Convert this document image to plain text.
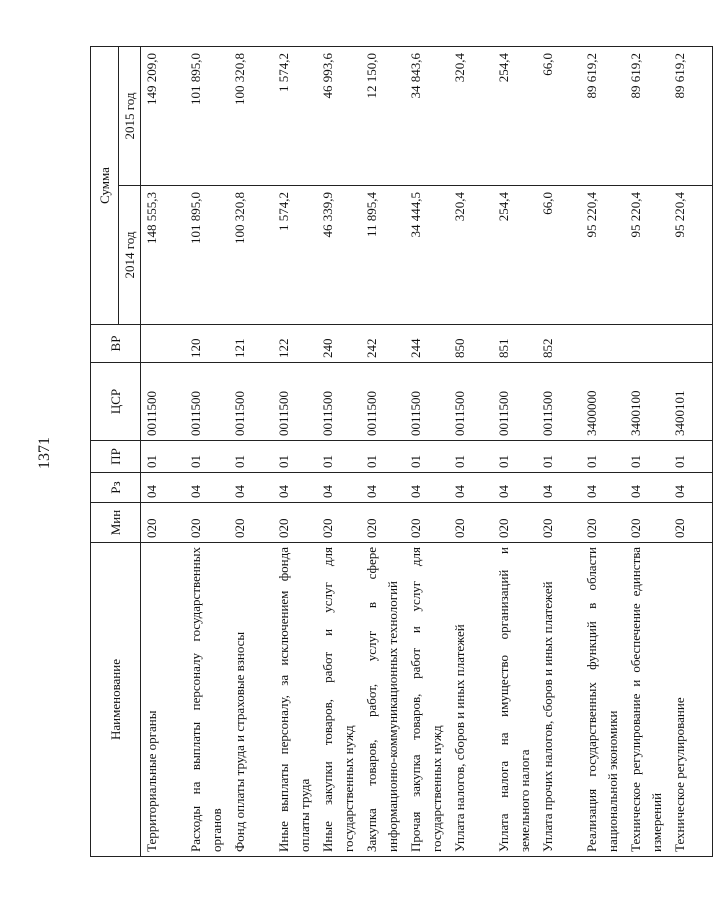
1371
Наименование	Мин	Рз	ПР	ЦСР	ВР	Сумма	
						2014 год	2015 год
Территориальные органы	020	04	01	0011500		148 555,3	149 209,0
Расходы на выплаты персоналу государственных органов	020	04	01	0011500	120	101 895,0	101 895,0
Фонд оплаты труда и страховые взносы	020	04	01	0011500	121	100 320,8	100 320,8
Иные выплаты персоналу, за исключением фонда оплаты труда	020	04	01	0011500	122	1 574,2	1 574,2
Иные закупки товаров, работ и услуг для государственных нужд	020	04	01	0011500	240	46 339,9	46 993,6
Закупка товаров, работ, услуг в сфере информационно-коммуникационных технологий	020	04	01	0011500	242	11 895,4	12 150,0
Прочая закупка товаров, работ и услуг для государственных нужд	020	04	01	0011500	244	34 444,5	34 843,6
Уплата налогов, сборов и иных платежей	020	04	01	0011500	850	320,4	320,4
Уплата налога на имущество организаций и земельного налога	020	04	01	0011500	851	254,4	254,4
Уплата прочих налогов, сборов и иных платежей	020	04	01	0011500	852	66,0	66,0
Реализация государственных функций в области национальной экономики	020	04	01	3400000		95 220,4	89 619,2
Техническое регулирование и обеспечение единства измерений	020	04	01	3400100		95 220,4	89 619,2
Техническое регулирование	020	04	01	3400101		95 220,4	89 619,2
